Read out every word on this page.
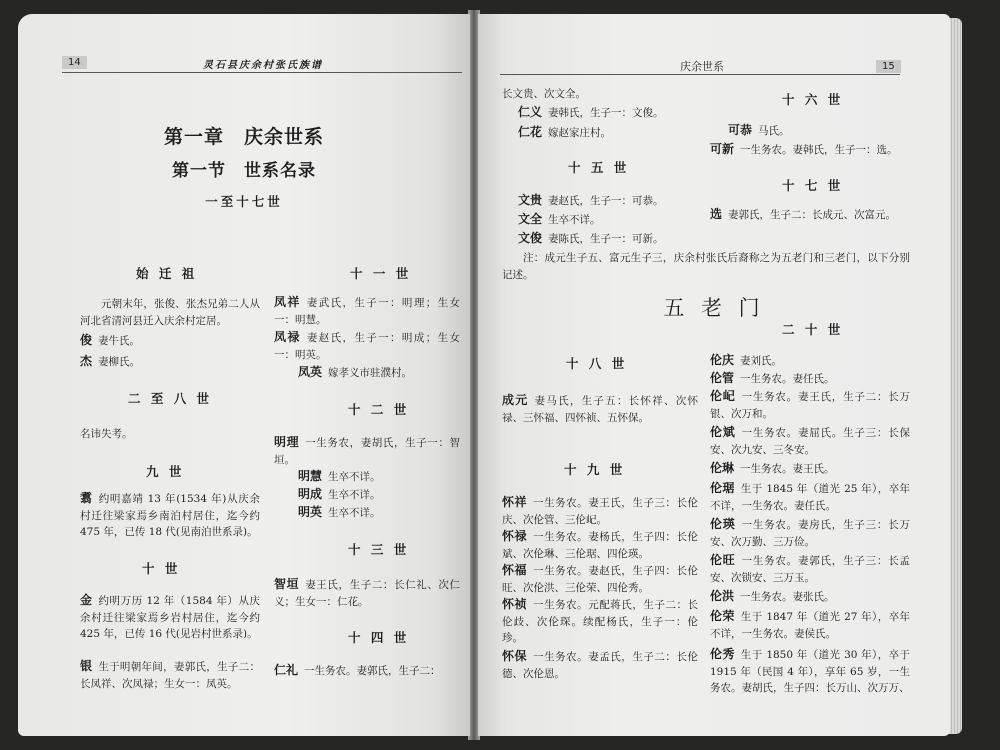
14	灵石县庆余村张氏族谱
第一章　庆余世系
第一节　世系名录
一至十七世
始 迁 祖
元朝末年，张俊、张杰兄弟二人从河北省清河县迁入庆余村定居。
俊 妻牛氏。
杰 妻柳氏。
二 至 八 世
名讳失考。
九 世
翥 约明嘉靖 13 年(1534 年)从庆余村迁往梁家焉乡南泊村居住，迄今约 475 年，已传 18 代(见南泊世系录)。
十 世
金 约明万历 12 年（1584 年）从庆余村迁往梁家焉乡岩村居住，迄今约 425 年，已传 16 代(见岩村世系录)。
银 生于明朝年间，妻郭氏，生子二：长凤祥、次凤禄；生女一：凤英。
十 一 世
凤祥 妻武氏，生子一：明理；生女一：明慧。
凤禄 妻赵氏，生子一：明成；生女一：明英。
凤英 嫁孝义市驻濮村。
十 二 世
明理 一生务农，妻胡氏，生子一：智垣。
明慧 生卒不详。
明成 生卒不详。
明英 生卒不详。
十 三 世
智垣 妻王氏，生子二：长仁礼、次仁义；生女一：仁花。
十 四 世
仁礼 一生务农。妻郭氏，生子二：
庆余世系	15
长文贵、次文全。
仁义 妻韩氏，生子一：文俊。
仁花 嫁赵家庄村。
十 五 世
文贵 妻赵氏，生子一：可恭。
文全 生卒不详。
文俊 妻陈氏，生子一：可新。
十 六 世
可恭 马氏。
可新 一生务农。妻韩氏，生子一：选。
十 七 世
选 妻郭氏，生子二：长成元、次富元。
注：成元生子五、富元生子三，庆余村张氏后裔称之为五老门和三老门，以下分别记述。
五 老 门
十 八 世
成元 妻马氏，生子五：长怀祥、次怀禄、三怀福、四怀祯、五怀保。
十 九 世
怀祥 一生务农。妻王氏，生子三：长伦庆、次伦管、三伦屺。
怀禄 一生务农。妻杨氏，生子四：长伦斌、次伦琳、三伦琚、四伦瑛。
怀福 一生务农。妻赵氏，生子四：长伦旺、次伦洪、三伦荣、四伦秀。
怀祯 一生务农。元配蒋氏，生子二：长伦歧、次伦琛。续配杨氏，生子一：伦珍。
怀保 一生务农。妻孟氏，生子二：长伦德、次伦恩。
二 十 世
伦庆 妻刘氏。
伦管 一生务农。妻任氏。
伦屺 一生务农。妻王氏，生子二：长万银、次万和。
伦斌 一生务农。妻屈氏。生子三：长保安、次九安、三冬安。
伦琳 一生务农。妻王氏。
伦琚 生于 1845 年（道光 25 年），卒年不详，一生务农。妻任氏。
伦瑛 一生务农。妻房氏，生子三：长万安、次万勤、三万俭。
伦旺 一生务农。妻郭氏，生子三：长孟安、次锁安、三万玉。
伦洪 一生务农。妻张氏。
伦荣 生于 1847 年（道光 27 年），卒年不详，一生务农。妻侯氏。
伦秀 生于 1850 年（道光 30 年），卒于 1915 年（民国 4 年），享年 65 岁，一生务农。妻胡氏，生子四：长万山、次万万、
